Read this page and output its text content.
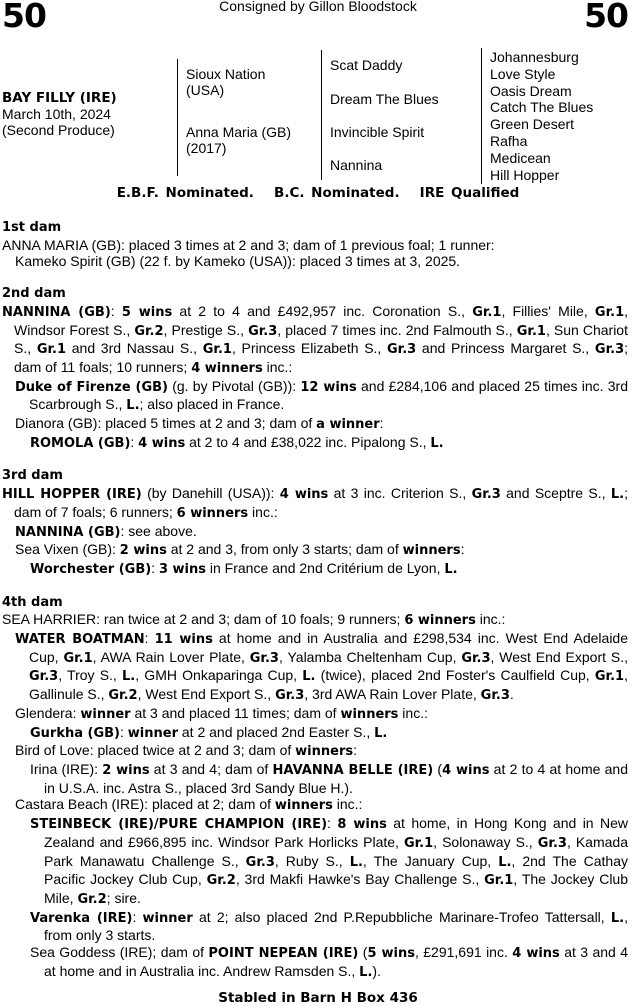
50	Consigned by Gillon Bloodstock	50
BAY FILLY (IRE)
March 10th, 2024
(Second Produce)
Sioux Nation
(USA)
Anna Maria (GB)
(2017)
Scat Daddy
Dream The Blues
Invincible Spirit
Nannina
Johannesburg
Love Style
Oasis Dream
Catch The Blues
Green Desert
Rafha
Medicean
Hill Hopper
E.B.F. Nominated.   B.C. Nominated.   IRE Qualified
1st dam
ANNA MARIA (GB): placed 3 times at 2 and 3; dam of 1 previous foal; 1 runner:
Kameko Spirit (GB) (22 f. by Kameko (USA)): placed 3 times at 3, 2025.
2nd dam
NANNINA (GB): 5 wins at 2 to 4 and £492,957 inc. Coronation S., Gr.1, Fillies' Mile, Gr.1, Windsor Forest S., Gr.2, Prestige S., Gr.3, placed 7 times inc. 2nd Falmouth S., Gr.1, Sun Chariot S., Gr.1 and 3rd Nassau S., Gr.1, Princess Elizabeth S., Gr.3 and Princess Margaret S., Gr.3; dam of 11 foals; 10 runners; 4 winners inc.:
Duke of Firenze (GB) (g. by Pivotal (GB)): 12 wins and £284,106 and placed 25 times inc. 3rd Scarbrough S., L.; also placed in France.
Dianora (GB): placed 5 times at 2 and 3; dam of a winner:
ROMOLA (GB): 4 wins at 2 to 4 and £38,022 inc. Pipalong S., L.
3rd dam
HILL HOPPER (IRE) (by Danehill (USA)): 4 wins at 3 inc. Criterion S., Gr.3 and Sceptre S., L.; dam of 7 foals; 6 runners; 6 winners inc.:
NANNINA (GB): see above.
Sea Vixen (GB): 2 wins at 2 and 3, from only 3 starts; dam of winners:
Worchester (GB): 3 wins in France and 2nd Critérium de Lyon, L.
4th dam
SEA HARRIER: ran twice at 2 and 3; dam of 10 foals; 9 runners; 6 winners inc.:
WATER BOATMAN: 11 wins at home and in Australia and £298,534 inc. West End Adelaide Cup, Gr.1, AWA Rain Lover Plate, Gr.3, Yalamba Cheltenham Cup, Gr.3, West End Export S., Gr.3, Troy S., L., GMH Onkaparinga Cup, L. (twice), placed 2nd Foster's Caulfield Cup, Gr.1, Gallinule S., Gr.2, West End Export S., Gr.3, 3rd AWA Rain Lover Plate, Gr.3.
Glendera: winner at 3 and placed 11 times; dam of winners inc.:
Gurkha (GB): winner at 2 and placed 2nd Easter S., L.
Bird of Love: placed twice at 2 and 3; dam of winners:
Irina (IRE): 2 wins at 3 and 4; dam of HAVANNA BELLE (IRE) (4 wins at 2 to 4 at home and in U.S.A. inc. Astra S., placed 3rd Sandy Blue H.).
Castara Beach (IRE): placed at 2; dam of winners inc.:
STEINBECK (IRE)/PURE CHAMPION (IRE): 8 wins at home, in Hong Kong and in New Zealand and £966,895 inc. Windsor Park Horlicks Plate, Gr.1, Solonaway S., Gr.3, Kamada Park Manawatu Challenge S., Gr.3, Ruby S., L., The January Cup, L., 2nd The Cathay Pacific Jockey Club Cup, Gr.2, 3rd Makfi Hawke's Bay Challenge S., Gr.1, The Jockey Club Mile, Gr.2; sire.
Varenka (IRE): winner at 2; also placed 2nd P.Repubbliche Marinare-Trofeo Tattersall, L., from only 3 starts.
Sea Goddess (IRE); dam of POINT NEPEAN (IRE) (5 wins, £291,691 inc. 4 wins at 3 and 4 at home and in Australia inc. Andrew Ramsden S., L.).
Stabled in Barn H Box 436
